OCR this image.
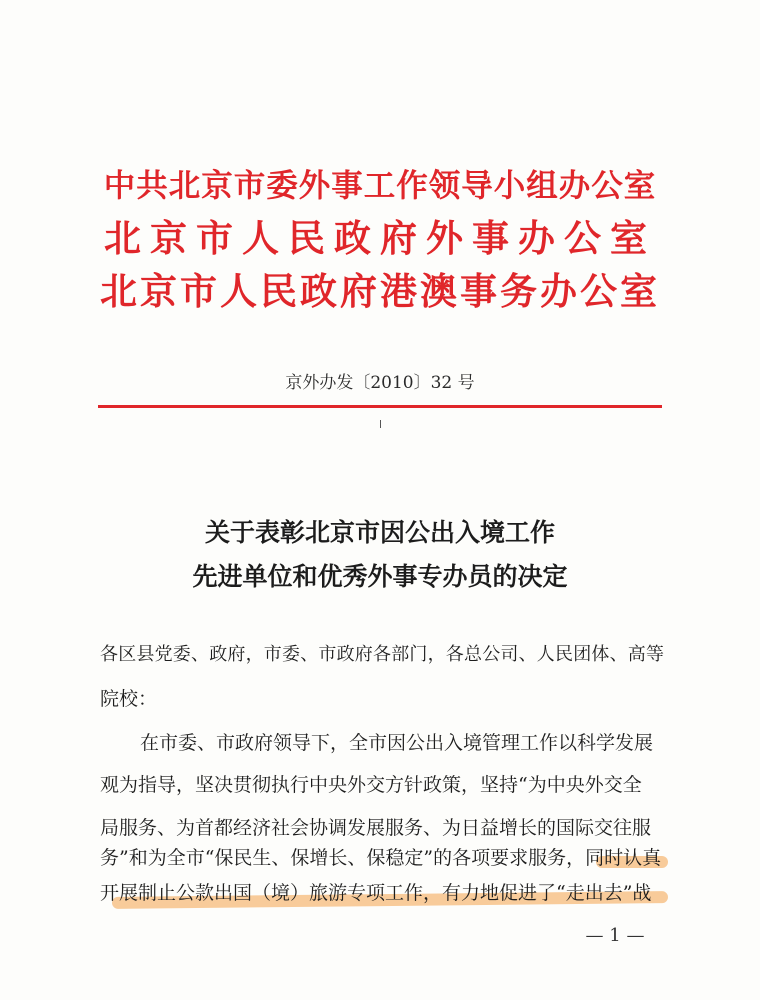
中共北京市委外事工作领导小组办公室
北京市人民政府外事办公室
北京市人民政府港澳事务办公室
京外办发〔2010〕32 号
关于表彰北京市因公出入境工作
先进单位和优秀外事专办员的决定
各区县党委、政府，市委、市政府各部门，各总公司、人民团体、高等
院校：
在市委、市政府领导下，全市因公出入境管理工作以科学发展
观为指导，坚决贯彻执行中央外交方针政策，坚持“为中央外交全
局服务、为首都经济社会协调发展服务、为日益增长的国际交往服
务”和为全市“保民生、保增长、保稳定”的各项要求服务，同时认真
开展制止公款出国（境）旅游专项工作，有力地促进了“走出去”战
— 1 —
